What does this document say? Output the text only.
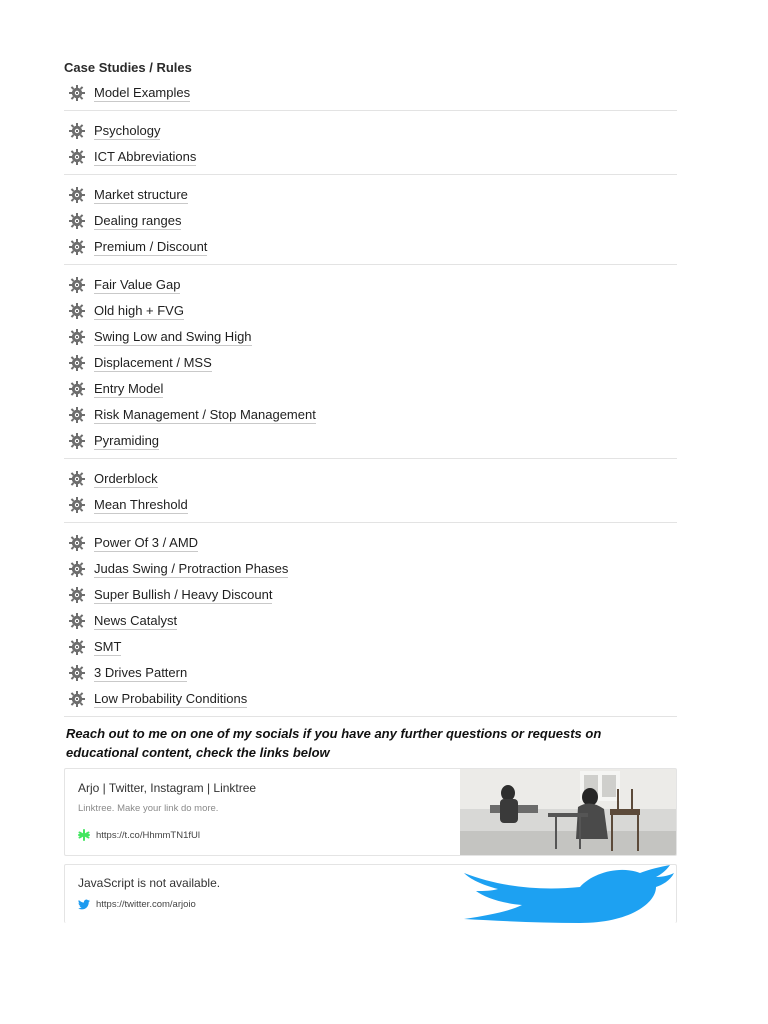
Case Studies / Rules
Model Examples
Psychology
ICT Abbreviations
Market structure
Dealing ranges
Premium / Discount
Fair Value Gap
Old high + FVG
Swing Low and Swing High
Displacement / MSS
Entry Model
Risk Management / Stop Management
Pyramiding
Orderblock
Mean Threshold
Power Of 3 / AMD
Judas Swing / Protraction Phases
Super Bullish / Heavy Discount
News Catalyst
SMT
3 Drives Pattern
Low Probability Conditions
Reach out to me on one of my socials if you have any further questions or requests on educational content, check the links below
Arjo | Twitter, Instagram | Linktree
Linktree. Make your link do more.
https://t.co/HhmmTN1fUl
JavaScript is not available.
https://twitter.com/arjoio
